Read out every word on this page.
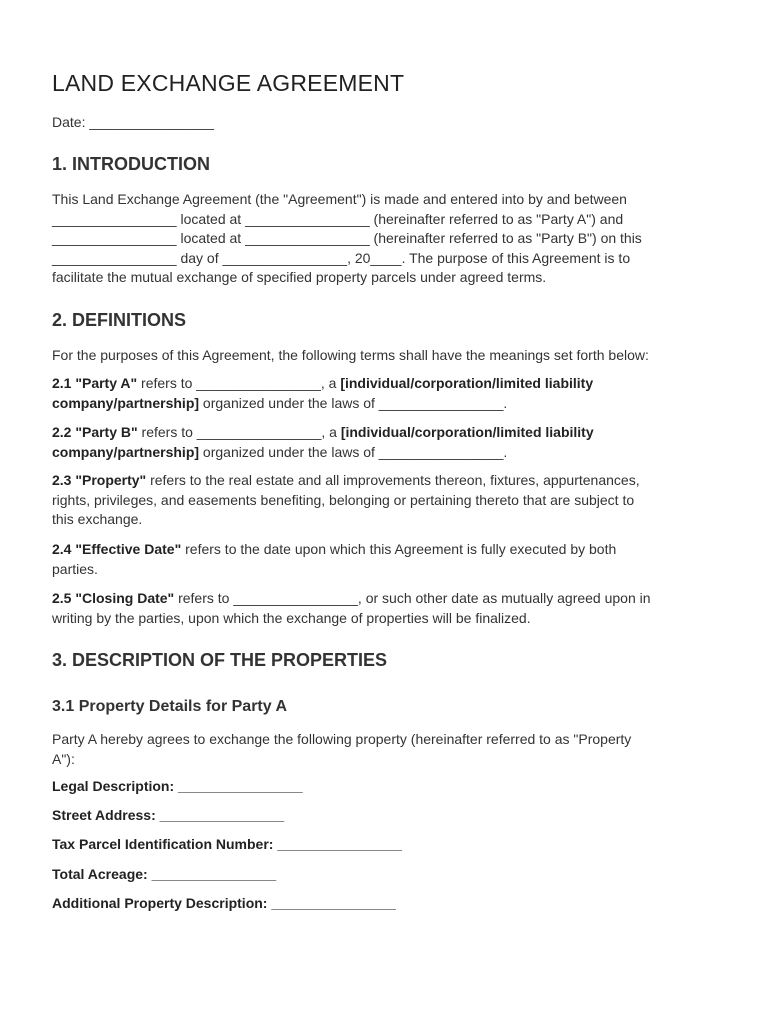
LAND EXCHANGE AGREEMENT
Date: ________________
1. INTRODUCTION

This Land Exchange Agreement (the "Agreement") is made and entered into by and between

________________ located at ________________ (hereinafter referred to as "Party A") and

________________ located at ________________ (hereinafter referred to as "Party B") on this

________________ day of ________________, 20____. The purpose of this Agreement is to

facilitate the mutual exchange of specified property parcels under agreed terms.

2. DEFINITIONS

For the purposes of this Agreement, the following terms shall have the meanings set forth below:

2.1 "Party A" refers to ________________, a [individual/corporation/limited liability

company/partnership] organized under the laws of ________________.

2.2 "Party B" refers to ________________, a [individual/corporation/limited liability

company/partnership] organized under the laws of ________________.

2.3 "Property" refers to the real estate and all improvements thereon, fixtures, appurtenances,

rights, privileges, and easements benefiting, belonging or pertaining thereto that are subject to

this exchange.

2.4 "Effective Date" refers to the date upon which this Agreement is fully executed by both

parties.

2.5 "Closing Date" refers to ________________, or such other date as mutually agreed upon in

writing by the parties, upon which the exchange of properties will be finalized.

3. DESCRIPTION OF THE PROPERTIES
3.1 Property Details for Party A

Party A hereby agrees to exchange the following property (hereinafter referred to as "Property

A"):

Legal Description: ________________
Street Address: ________________
Tax Parcel Identification Number: ________________
Total Acreage: ________________
Additional Property Description: ________________
